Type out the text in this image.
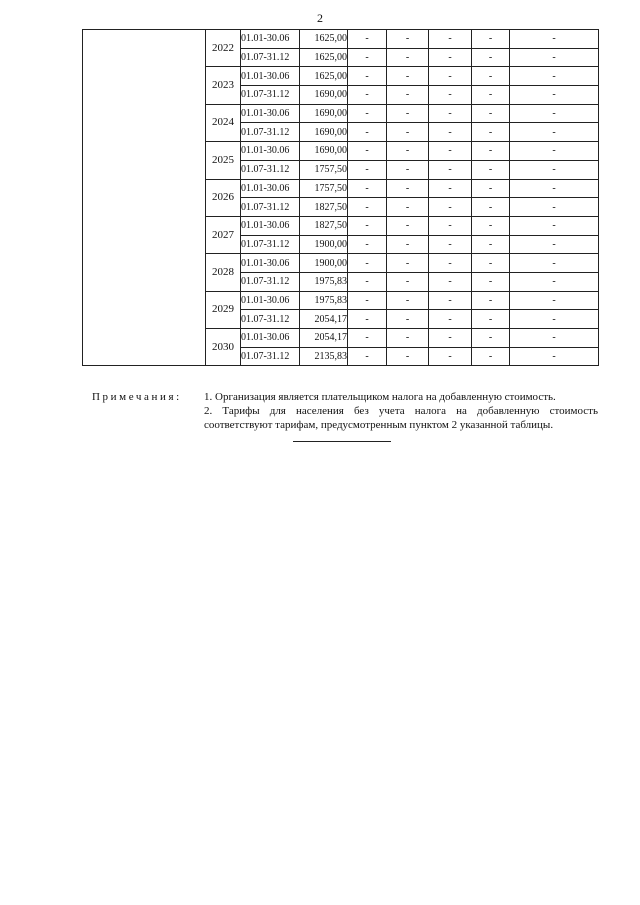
2
	2022	01.01-30.06	1625,00	-	-	-	-	-
		01.07-31.12	1625,00	-	-	-	-	-
	2023	01.01-30.06	1625,00	-	-	-	-	-
		01.07-31.12	1690,00	-	-	-	-	-
	2024	01.01-30.06	1690,00	-	-	-	-	-
		01.07-31.12	1690,00	-	-	-	-	-
	2025	01.01-30.06	1690,00	-	-	-	-	-
		01.07-31.12	1757,50	-	-	-	-	-
	2026	01.01-30.06	1757,50	-	-	-	-	-
		01.07-31.12	1827,50	-	-	-	-	-
	2027	01.01-30.06	1827,50	-	-	-	-	-
		01.07-31.12	1900,00	-	-	-	-	-
	2028	01.01-30.06	1900,00	-	-	-	-	-
		01.07-31.12	1975,83	-	-	-	-	-
	2029	01.01-30.06	1975,83	-	-	-	-	-
		01.07-31.12	2054,17	-	-	-	-	-
	2030	01.01-30.06	2054,17	-	-	-	-	-
		01.07-31.12	2135,83	-	-	-	-	-
Примечания: 1. Организация является плательщиком налога на добавленную стоимость.
2. Тарифы для населения без учета налога на добавленную стоимость соответствуют тарифам, предусмотренным пунктом 2 указанной таблицы.
